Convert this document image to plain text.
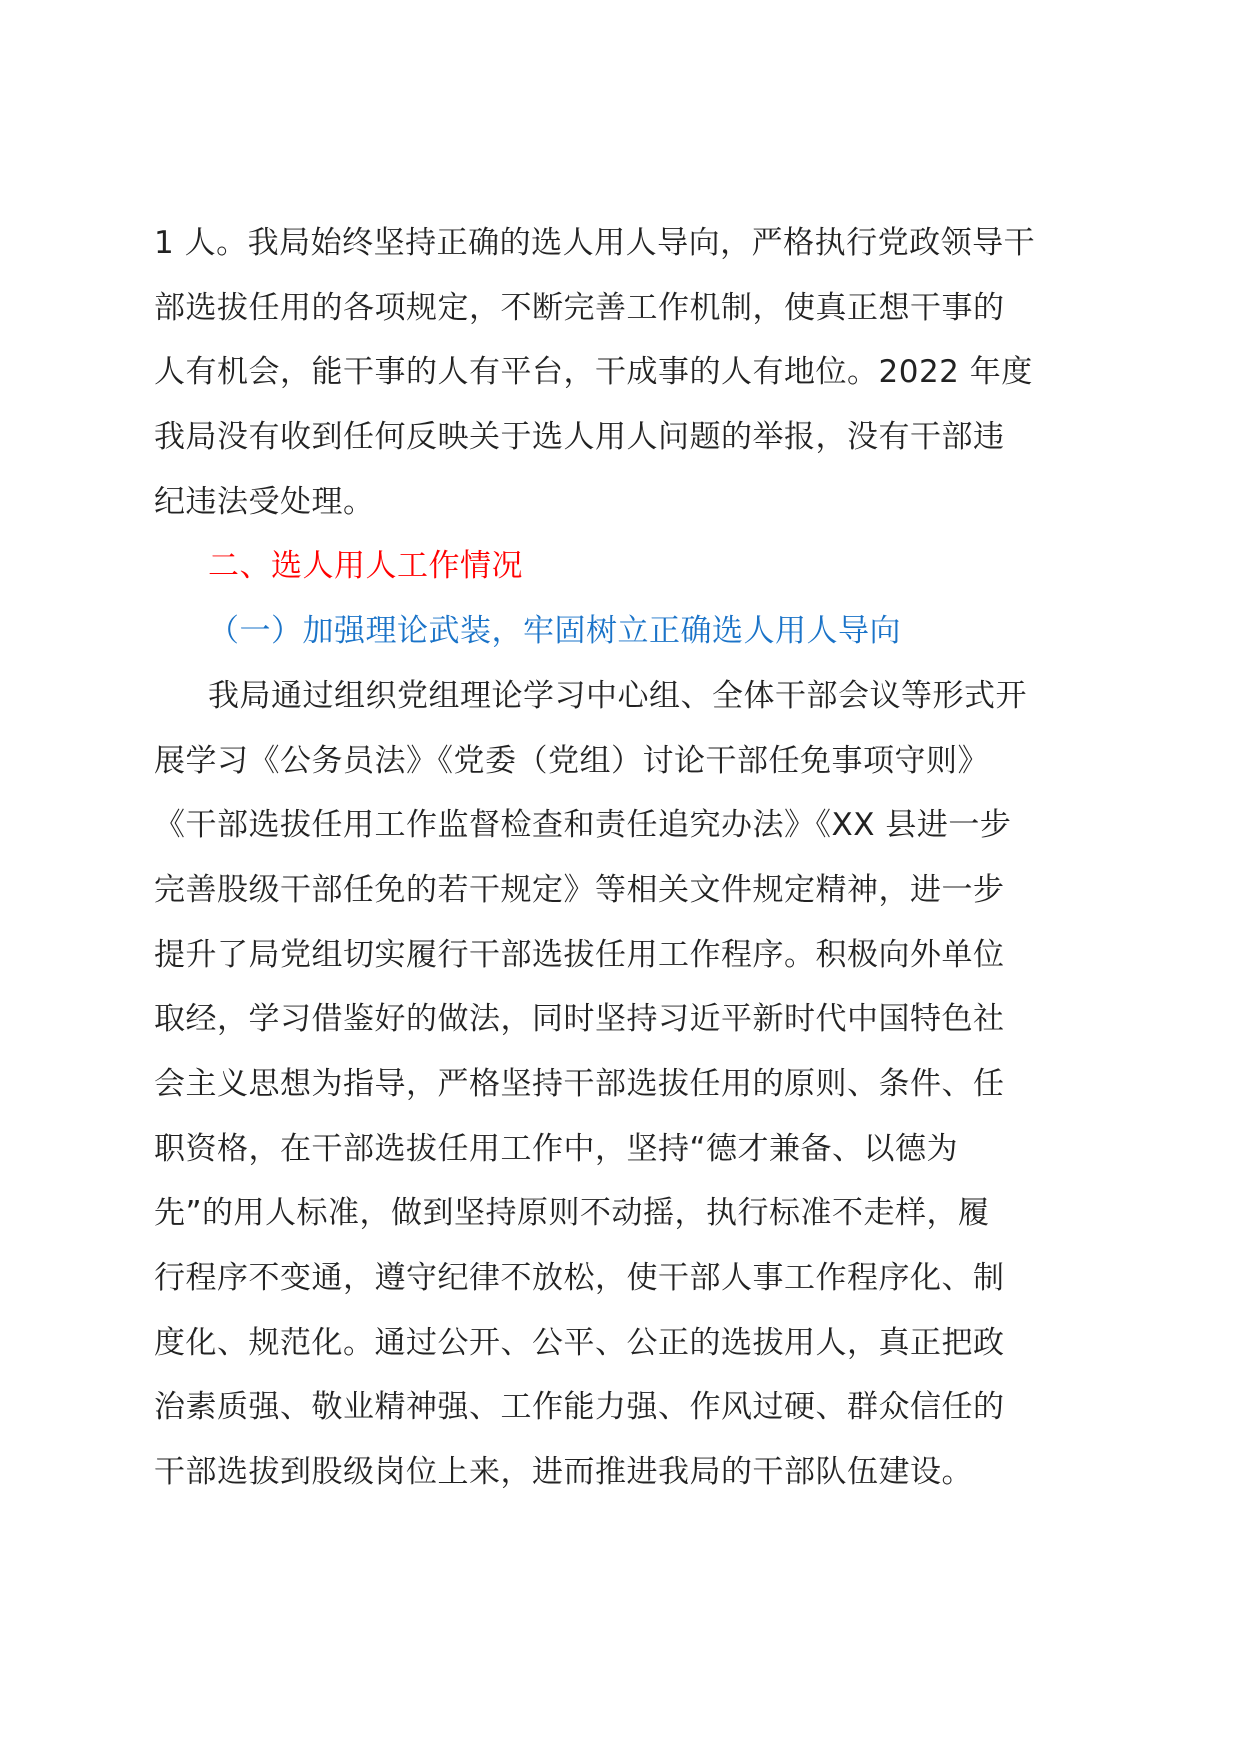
1 人。我局始终坚持正确的选人用人导向，严格执行党政领导干
部选拔任用的各项规定，不断完善工作机制，使真正想干事的
人有机会，能干事的人有平台，干成事的人有地位。2022 年度
我局没有收到任何反映关于选人用人问题的举报，没有干部违
纪违法受处理。
二、选人用人工作情况
（一）加强理论武装，牢固树立正确选人用人导向
我局通过组织党组理论学习中心组、全体干部会议等形式开
展学习《公务员法》《党委（党组）讨论干部任免事项守则》
《干部选拔任用工作监督检查和责任追究办法》《XX 县进一步
完善股级干部任免的若干规定》等相关文件规定精神，进一步
提升了局党组切实履行干部选拔任用工作程序。积极向外单位
取经，学习借鉴好的做法，同时坚持习近平新时代中国特色社
会主义思想为指导，严格坚持干部选拔任用的原则、条件、任
职资格，在干部选拔任用工作中，坚持“德才兼备、以德为
先”的用人标准，做到坚持原则不动摇，执行标准不走样，履
行程序不变通，遵守纪律不放松，使干部人事工作程序化、制
度化、规范化。通过公开、公平、公正的选拔用人，真正把政
治素质强、敬业精神强、工作能力强、作风过硬、群众信任的
干部选拔到股级岗位上来，进而推进我局的干部队伍建设。
